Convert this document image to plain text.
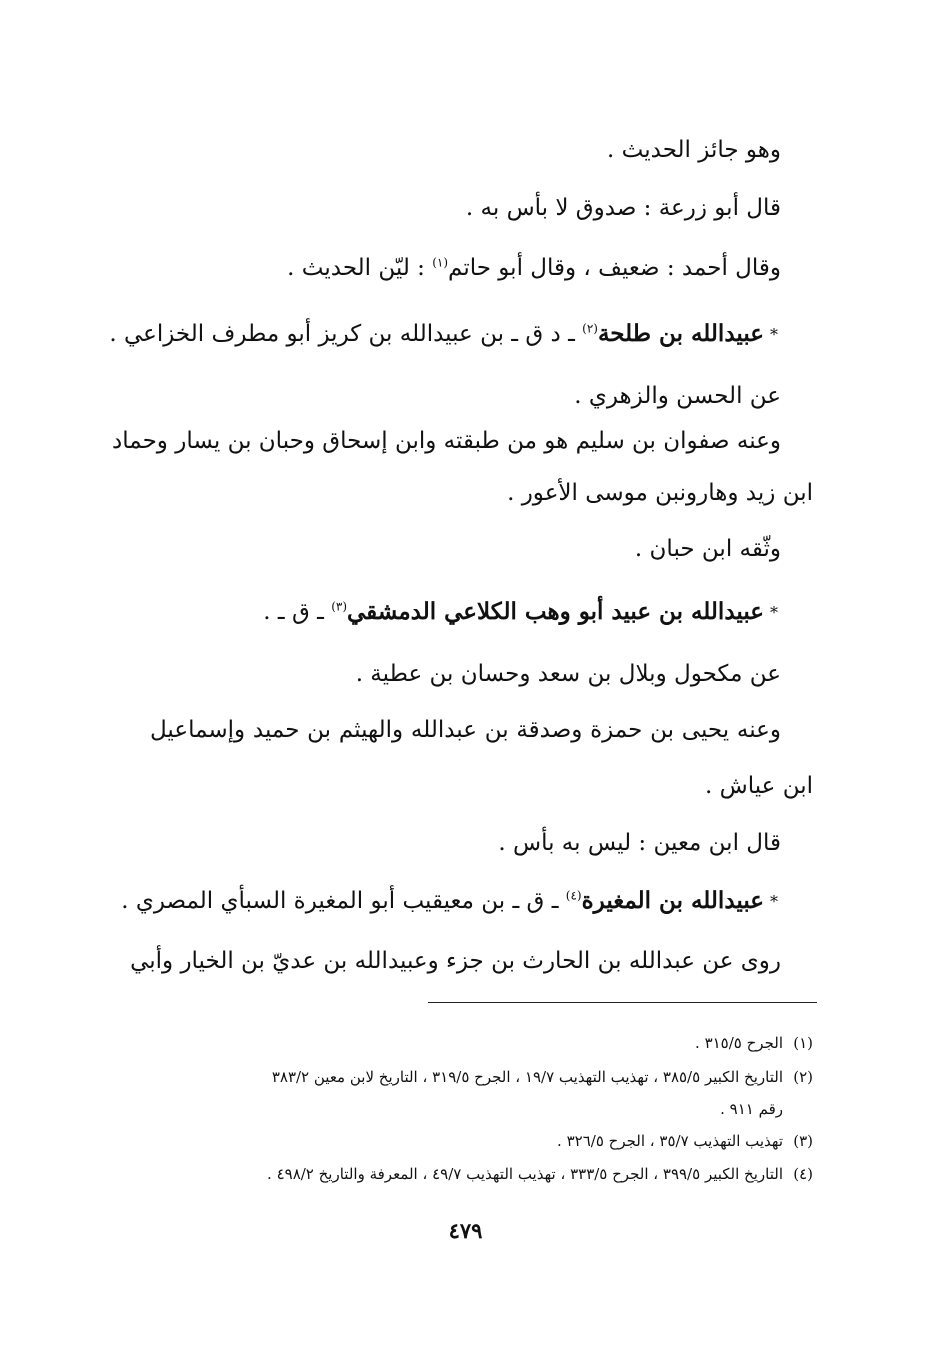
وهو جائز الحديث .
قال أبو زرعة : صدوق لا بأس به .
وقال أحمد : ضعيف ، وقال أبو حاتم$^{(١)}$ : ليّن الحديث .
*عبيدالله بن طلحة$^{(٢)}$ ـ د ق ـ بن عبيدالله بن كريز أبو مطرف الخزاعي .
عن الحسن والزهري .
وعنه صفوان بن سليم هو من طبقته وابن إسحاق وحبان بن يسار وحماد
ابن زيد وهارونبن موسى الأعور .
وثّقه ابن حبان .
*عبيدالله بن عبيد أبو وهب الكلاعي الدمشقي$^{(٣)}$ ـ ق ـ .
عن مكحول وبلال بن سعد وحسان بن عطية .
وعنه يحيى بن حمزة وصدقة بن عبدالله والهيثم بن حميد وإسماعيل
ابن عياش .
قال ابن معين : ليس به بأس .
*عبيدالله بن المغيرة$^{(٤)}$ ـ ق ـ بن معيقيب أبو المغيرة السبأي المصري .
روى عن عبدالله بن الحارث بن جزء وعبيدالله بن عديّ بن الخيار وأبي
(١)الجرح ٣١٥/٥ .
(٢)التاريخ الكبير ٣٨٥/٥ ، تهذيب التهذيب ١٩/٧ ، الجرح ٣١٩/٥ ، التاريخ لابن معين ٣٨٣/٢
رقم ٩١١ .
(٣)تهذيب التهذيب ٣٥/٧ ، الجرح ٣٢٦/٥ .
(٤)التاريخ الكبير ٣٩٩/٥ ، الجرح ٣٣٣/٥ ، تهذيب التهذيب ٤٩/٧ ، المعرفة والتاريخ ٤٩٨/٢ .
٤٧٩
